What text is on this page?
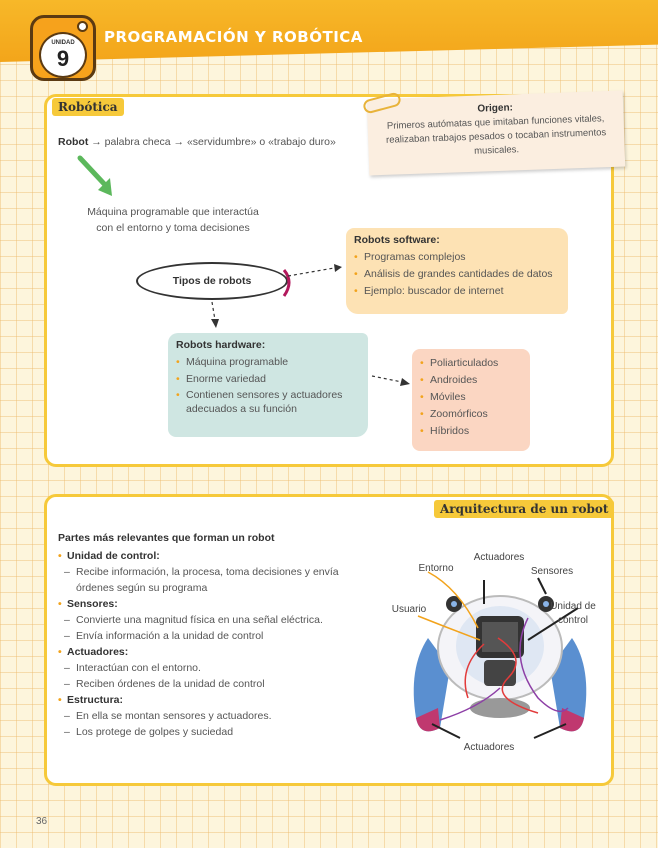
UNIDAD
9
PROGRAMACIÓN Y ROBÓTICA
Robótica	Origen:
Primeros autómatas que imitaban funciones vitales, realizaban trabajos pesados o tocaban instrumentos musicales.
Robot → palabra checa → «servidumbre» o «trabajo duro»
Máquina programable que interactúa
con el entorno y toma decisiones
Tipos de robots
Robots software:
• Programas complejos
• Análisis de grandes cantidades de datos
• Ejemplo: buscador de internet
Robots hardware:
• Máquina programable
• Enorme variedad
• Contienen sensores y actuadores adecuados a su función
• Poliarticulados
• Androides
• Móviles
• Zoomórficos
• Híbridos
Arquitectura de un robot
Partes más relevantes que forman un robot
• Unidad de control:
– Recibe información, la procesa, toma decisiones y envía órdenes según su programa
• Sensores:
– Convierte una magnitud física en una señal eléctrica.
– Envía información a la unidad de control
• Actuadores:
– Interactúan con el entorno.
– Reciben órdenes de la unidad de control
• Estructura:
– En ella se montan sensores y actuadores.
– Los protege de golpes y suciedad
Actuadores
Entorno	Sensores
Usuario	Unidad de control
Actuadores
36
